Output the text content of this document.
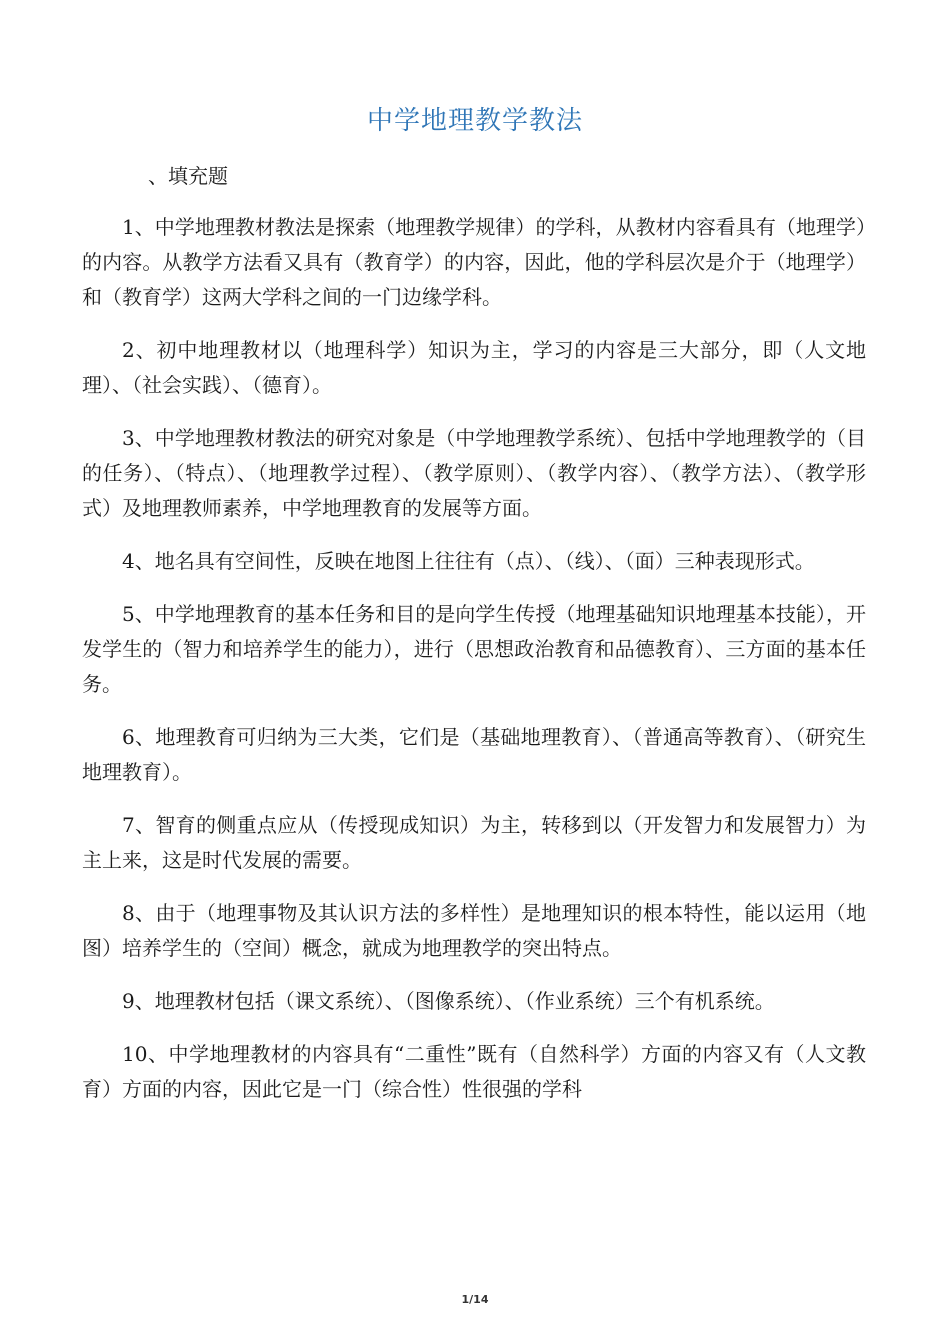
中学地理教学教法
、填充题

1、中学地理教材教法是探索（地理教学规律）的学科，从教材内容看具有（地理学）的内容。从教学方法看又具有（教育学）的内容，因此，他的学科层次是介于（地理学）和（教育学）这两大学科之间的一门边缘学科。

2、初中地理教材以（地理科学）知识为主，学习的内容是三大部分，即（人文地理）、（社会实践）、（德育）。

3、中学地理教材教法的研究对象是（中学地理教学系统）、包括中学地理教学的（目的任务）、（特点）、（地理教学过程）、（教学原则）、（教学内容）、（教学方法）、（教学形式）及地理教师素养，中学地理教育的发展等方面。

4、地名具有空间性，反映在地图上往往有（点）、（线）、（面）三种表现形式。

5、中学地理教育的基本任务和目的是向学生传授（地理基础知识地理基本技能），开发学生的（智力和培养学生的能力），进行（思想政治教育和品德教育）、三方面的基本任务。

6、地理教育可归纳为三大类，它们是（基础地理教育）、（普通高等教育）、（研究生地理教育）。

7、智育的侧重点应从（传授现成知识）为主，转移到以（开发智力和发展智力）为主上来，这是时代发展的需要。

8、由于（地理事物及其认识方法的多样性）是地理知识的根本特性，能以运用（地图）培养学生的（空间）概念，就成为地理教学的突出特点。

9、地理教材包括（课文系统）、（图像系统）、（作业系统）三个有机系统。

10、中学地理教材的内容具有“二重性”既有（自然科学）方面的内容又有（人文教育）方面的内容，因此它是一门（综合性）性很强的学科

1/14
